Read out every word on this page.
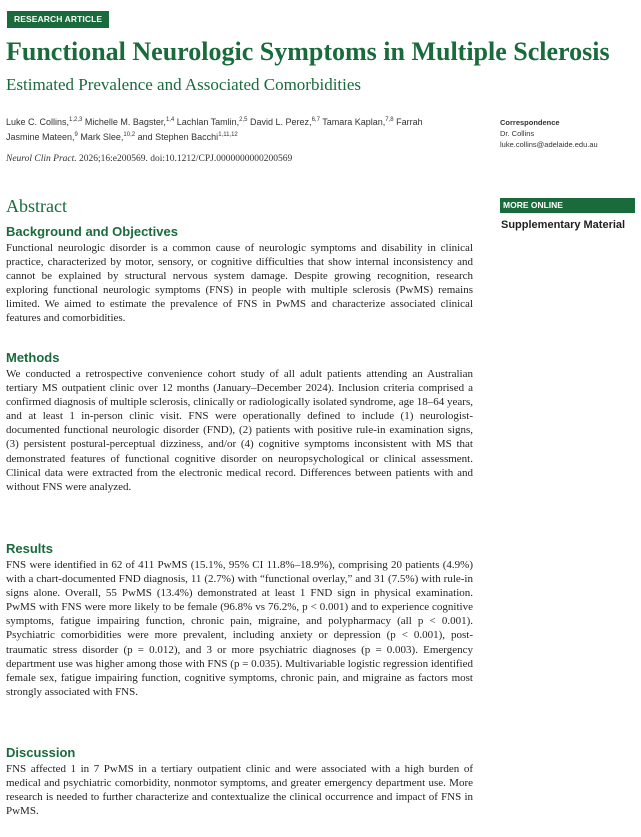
RESEARCH ARTICLE
Functional Neurologic Symptoms in Multiple Sclerosis
Estimated Prevalence and Associated Comorbidities
Luke C. Collins,$^{1,2,3}$ Michelle M. Bagster,$^{1,4}$ Lachlan Tamlin,$^{2,5}$ David L. Perez,$^{6,7}$ Tamara Kaplan,$^{7,8}$ Farrah Jasmine Mateen,$^9$ Mark Slee,$^{10,2}$ and Stephen Bacchi$^{1,11,12}$
Neurol Clin Pract. 2026;16:e200569. doi:10.1212/CPJ.0000000000200569
Correspondence
Dr. Collins
luke.collins@adelaide.edu.au
MORE ONLINE
Supplementary Material
Abstract
Background and Objectives

Functional neurologic disorder is a common cause of neurologic symptoms and disability in clinical practice, characterized by motor, sensory, or cognitive difficulties that show internal inconsistency and cannot be explained by structural nervous system damage. Despite growing recognition, research exploring functional neurologic symptoms (FNS) in people with multiple sclerosis (PwMS) remains limited. We aimed to estimate the prevalence of FNS in PwMS and characterize associated clinical features and comorbidities.

Methods

We conducted a retrospective convenience cohort study of all adult patients attending an Australian tertiary MS outpatient clinic over 12 months (January–December 2024). Inclusion criteria comprised a confirmed diagnosis of multiple sclerosis, clinically or radiologically isolated syndrome, age 18–64 years, and at least 1 in-person clinic visit. FNS were operationally defined to include (1) neurologist-documented functional neurologic disorder (FND), (2) patients with positive rule-in examination signs, (3) persistent postural-perceptual dizziness, and/or (4) cognitive symptoms inconsistent with MS that demonstrated features of functional cognitive disorder on neuropsychological or clinical assessment. Clinical data were extracted from the electronic medical record. Differences between patients with and without FNS were analyzed.

Results

FNS were identified in 62 of 411 PwMS (15.1%, 95% CI 11.8%–18.9%), comprising 20 patients (4.9%) with a chart-documented FND diagnosis, 11 (2.7%) with “functional overlay,” and 31 (7.5%) with rule-in signs alone. Overall, 55 PwMS (13.4%) demonstrated at least 1 FND sign in physical examination. PwMS with FNS were more likely to be female (96.8% vs 76.2%, p < 0.001) and to experience cognitive symptoms, fatigue impairing function, chronic pain, migraine, and polypharmacy (all p < 0.001). Psychiatric comorbidities were more prevalent, including anxiety or depression (p < 0.001), post-traumatic stress disorder (p = 0.012), and 3 or more psychiatric diagnoses (p = 0.003). Emergency department use was higher among those with FNS (p = 0.035). Multivariable logistic regression identified female sex, fatigue impairing function, cognitive symptoms, chronic pain, and migraine as factors most strongly associated with FNS.

Discussion

FNS affected 1 in 7 PwMS in a tertiary outpatient clinic and were associated with a high burden of medical and psychiatric comorbidity, nonmotor symptoms, and greater emergency department use. More research is needed to further characterize and contextualize the clinical occurrence and impact of FNS in PwMS.
